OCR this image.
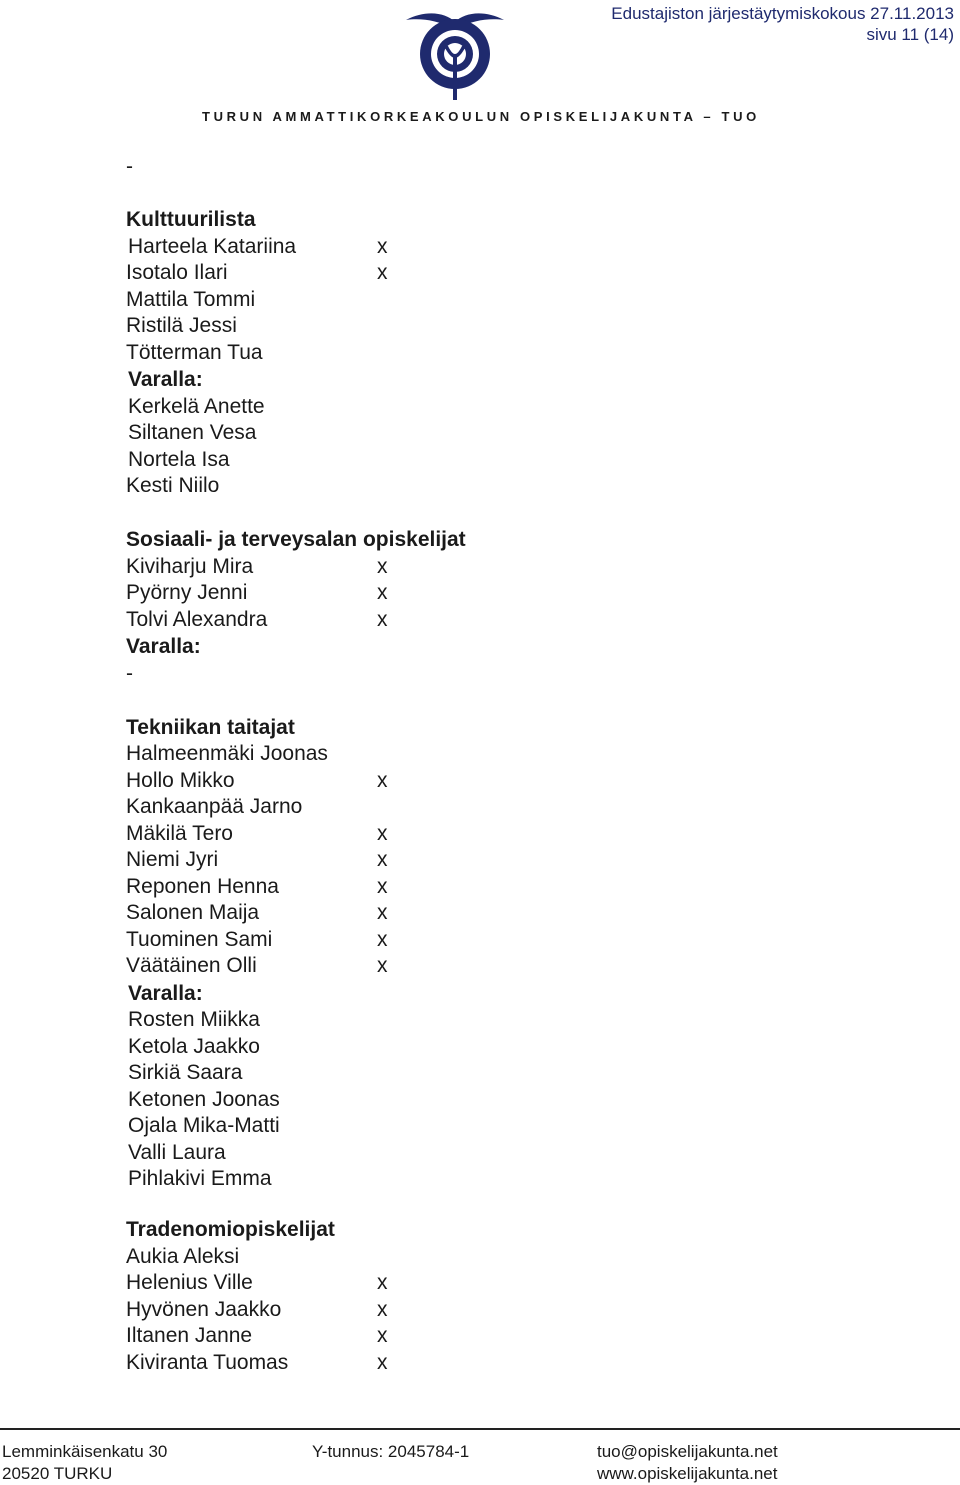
TURUN AMMATTIKORKEAKOULUN OPISKELIJAKUNTA – TUO
Edustajiston järjestäytymiskokous 27.11.2013
sivu 11 (14)
-
Kulttuurilista
Harteela Katariina	x
Isotalo Ilari	x
Mattila Tommi
Ristilä Jessi
Tötterman Tua
Varalla:
Kerkelä Anette
Siltanen Vesa
Nortela Isa
Kesti Niilo
Sosiaali- ja terveysalan opiskelijat
Kiviharju Mira	x
Pyörny Jenni	x
Tolvi Alexandra	x
Varalla:
-
Tekniikan taitajat
Halmeenmäki Joonas
Hollo Mikko	x
Kankaanpää Jarno
Mäkilä Tero	x
Niemi Jyri	x
Reponen Henna	x
Salonen Maija	x
Tuominen Sami	x
Väätäinen Olli	x
Varalla:
Rosten Miikka
Ketola Jaakko
Sirkiä Saara
Ketonen Joonas
Ojala Mika-Matti
Valli Laura
Pihlakivi Emma
Tradenomiopiskelijat
Aukia Aleksi
Helenius Ville	x
Hyvönen Jaakko	x
Iltanen Janne	x
Kiviranta Tuomas	x
Lemminkäisenkatu 30
20520 TURKU
Y-tunnus: 2045784-1	tuo@opiskelijakunta.net
www.opiskelijakunta.net
